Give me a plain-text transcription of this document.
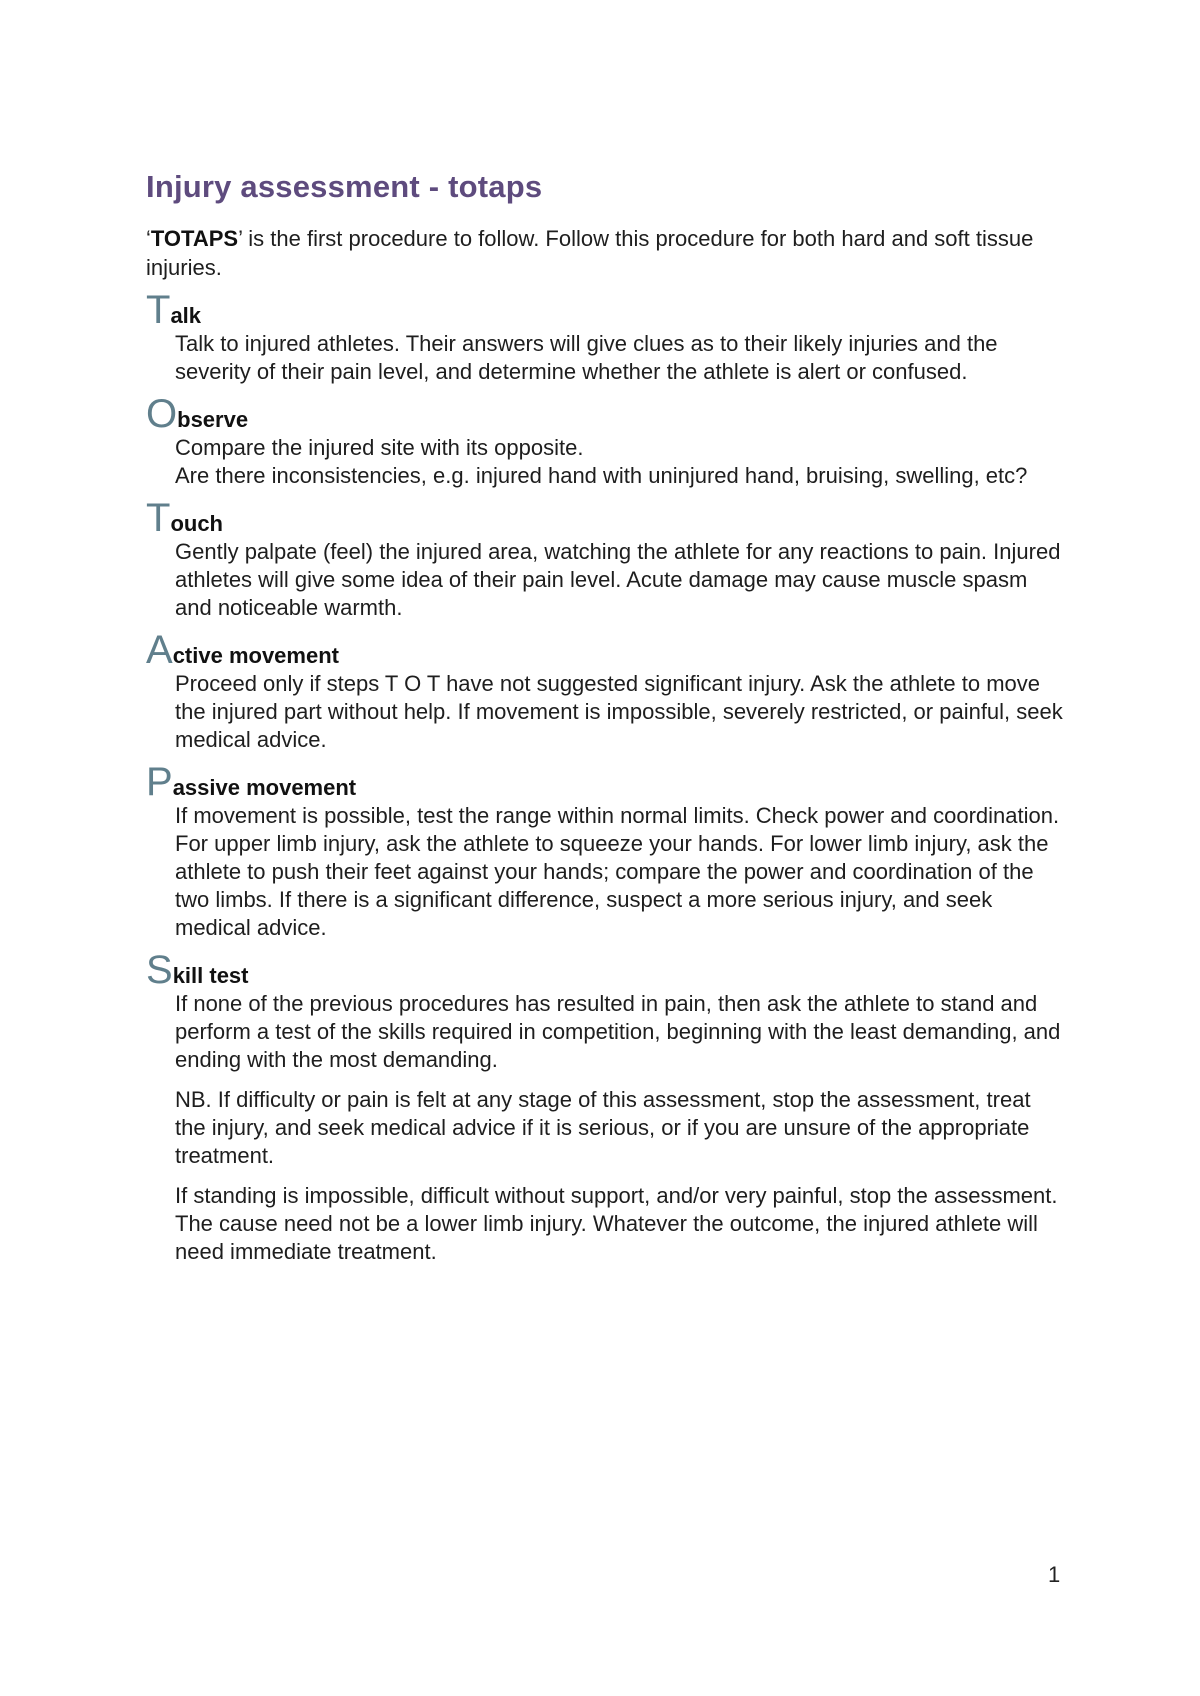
Injury assessment - totaps

‘TOTAPS’ is the first procedure to follow. Follow this procedure for both hard and soft tissue injuries.

Talk

Talk to injured athletes. Their answers will give clues as to their likely injuries and the severity of their pain level, and determine whether the athlete is alert or confused.

Observe

Compare the injured site with its opposite.

Are there inconsistencies, e.g. injured hand with uninjured hand, bruising, swelling, etc?

Touch

Gently palpate (feel) the injured area, watching the athlete for any reactions to pain. Injured athletes will give some idea of their pain level. Acute damage may cause muscle spasm and noticeable warmth.

Active movement

Proceed only if steps T O T have not suggested significant injury. Ask the athlete to move the injured part without help. If movement is impossible, severely restricted, or painful, seek medical advice.

Passive movement

If movement is possible, test the range within normal limits. Check power and coordination. For upper limb injury, ask the athlete to squeeze your hands. For lower limb injury, ask the athlete to push their feet against your hands; compare the power and coordination of the two limbs. If there is a significant difference, suspect a more serious injury, and seek medical advice.

Skill test

If none of the previous procedures has resulted in pain, then ask the athlete to stand and perform a test of the skills required in competition, beginning with the least demanding, and ending with the most demanding.

NB. If difficulty or pain is felt at any stage of this assessment, stop the assessment, treat the injury, and seek medical advice if it is serious, or if you are unsure of the appropriate treatment.

If standing is impossible, difficult without support, and/or very painful, stop the assessment. The cause need not be a lower limb injury. Whatever the outcome, the injured athlete will need immediate treatment.

1
